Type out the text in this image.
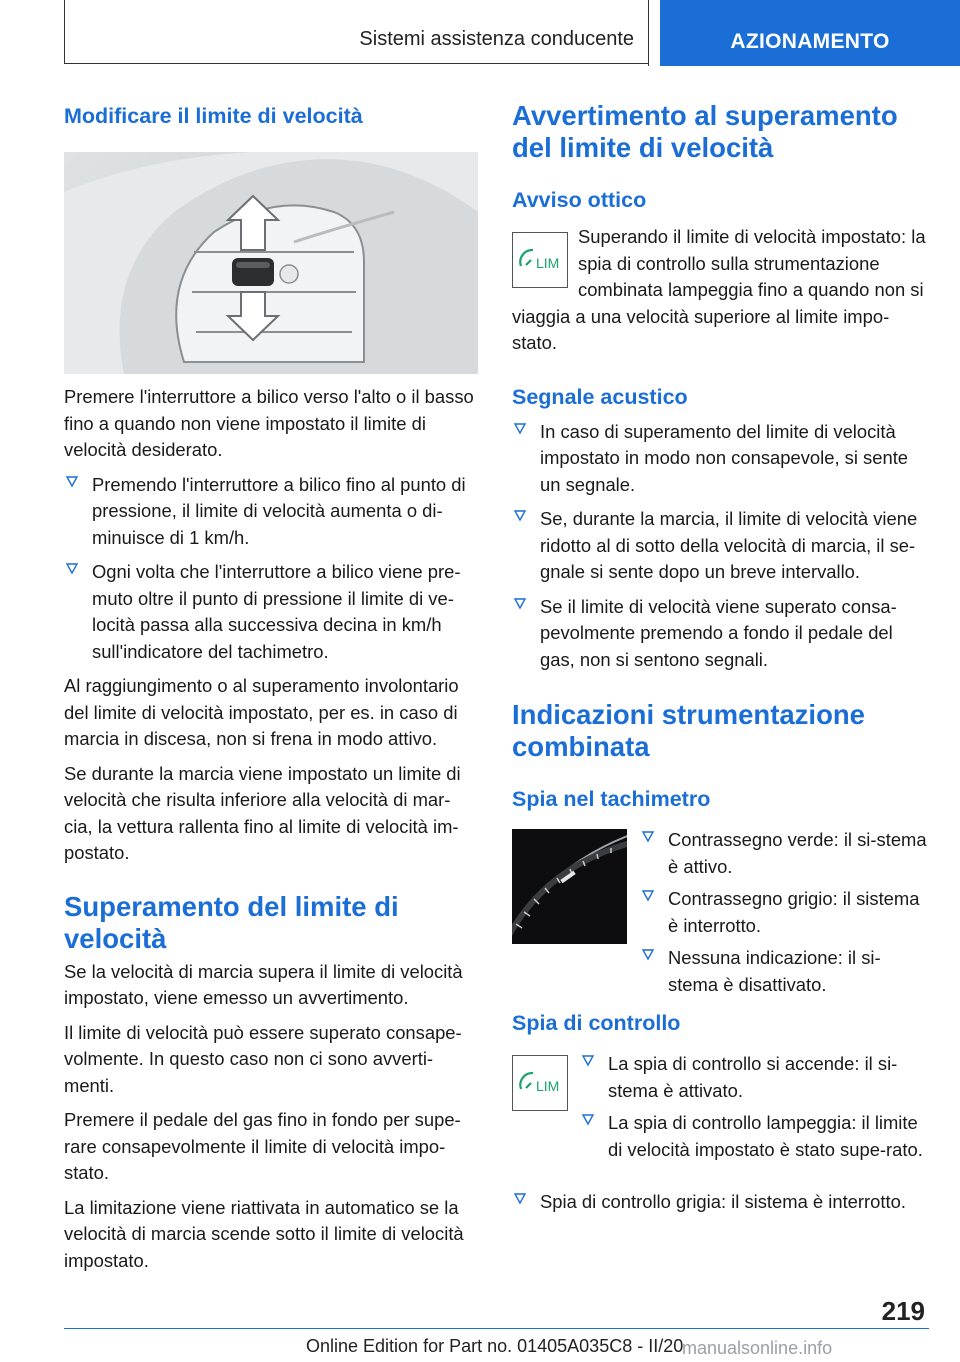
Sistemi assistenza conducente	AZIONAMENTO
Modificare il limite di velocità

Premere l'interruttore a bilico verso l'alto o il basso fino a quando non viene impostato il limite di velocità desiderato.

Premendo l'interruttore a bilico fino al punto di pressione, il limite di velocità aumenta o di-minuisce di 1 km/h.
Ogni volta che l'interruttore a bilico viene pre-muto oltre il punto di pressione il limite di ve-locità passa alla successiva decina in km/h sull'indicatore del tachimetro.

Al raggiungimento o al superamento involontario del limite di velocità impostato, per es. in caso di marcia in discesa, non si frena in modo attivo.

Se durante la marcia viene impostato un limite di velocità che risulta inferiore alla velocità di mar-cia, la vettura rallenta fino al limite di velocità im-postato.

Superamento del limite di velocità

Se la velocità di marcia supera il limite di velocità impostato, viene emesso un avvertimento.

Il limite di velocità può essere superato consape-volmente. In questo caso non ci sono avverti-menti.

Premere il pedale del gas fino in fondo per supe-rare consapevolmente il limite di velocità impo-stato.

La limitazione viene riattivata in automatico se la velocità di marcia scende sotto il limite di velocità impostato.

Avvertimento al superamento del limite di velocità
Avviso ottico
LIM

Superando il limite di velocità impostato: la spia di controllo sulla strumentazione combinata lampeggia fino a quando non si viaggia a una velocità superiore al limite impo-stato.

Segnale acustico
In caso di superamento del limite di velocità impostato in modo non consapevole, si sente un segnale.
Se, durante la marcia, il limite di velocità viene ridotto al di sotto della velocità di marcia, il se-gnale si sente dopo un breve intervallo.
Se il limite di velocità viene superato consa-pevolmente premendo a fondo il pedale del gas, non si sentono segnali.
Indicazioni strumentazione combinata
Spia nel tachimetro
Contrassegno verde: il si-stema è attivo.
Contrassegno grigio: il sistema è interrotto.
Nessuna indicazione: il si-stema è disattivato.
Spia di controllo
LIM
La spia di controllo si accende: il si-stema è attivato.
La spia di controllo lampeggia: il limite di velocità impostato è stato supe-rato.
Spia di controllo grigia: il sistema è interrotto.
219
Online Edition for Part no. 01405A035C8 - II/20
manualsonline.info
